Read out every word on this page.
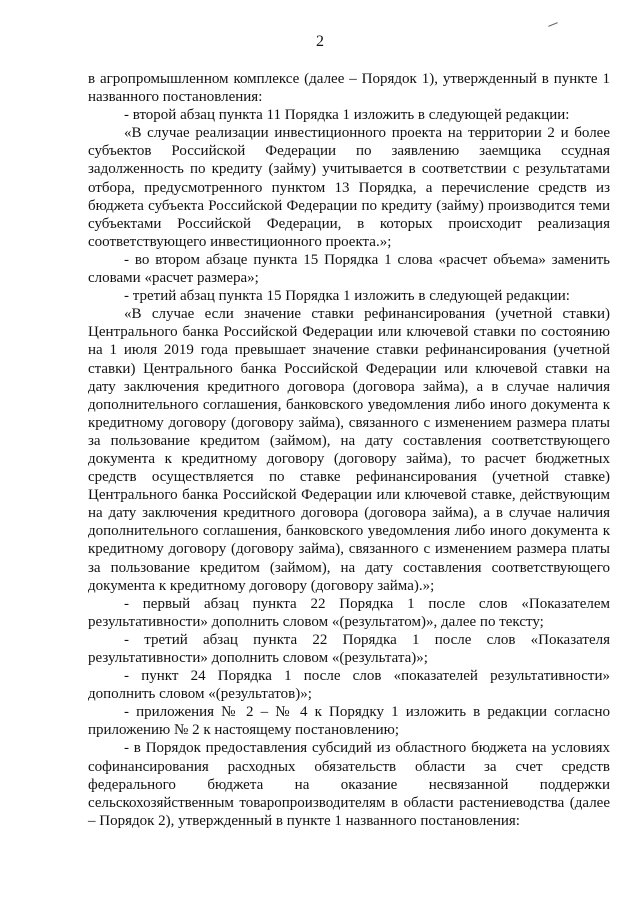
2

в агропромышленном комплексе (далее – Порядок 1), утвержденный в пункте 1 названного постановления:

- второй абзац пункта 11 Порядка 1 изложить в следующей редакции:

«В случае реализации инвестиционного проекта на территории 2 и более субъектов Российской Федерации по заявлению заемщика ссудная задолженность по кредиту (займу) учитывается в соответствии с результатами отбора, предусмотренного пунктом 13 Порядка, а перечисление средств из бюджета субъекта Российской Федерации по кредиту (займу) производится теми субъектами Российской Федерации, в которых происходит реализация соответствующего инвестиционного проекта.»;

- во втором абзаце пункта 15 Порядка 1 слова «расчет объема» заменить словами «расчет размера»;

- третий абзац пункта 15 Порядка 1 изложить в следующей редакции:

«В случае если значение ставки рефинансирования (учетной ставки) Центрального банка Российской Федерации или ключевой ставки по состоянию на 1 июля 2019 года превышает значение ставки рефинансирования (учетной ставки) Центрального банка Российской Федерации или ключевой ставки на дату заключения кредитного договора (договора займа), а в случае наличия дополнительного соглашения, банковского уведомления либо иного документа к кредитному договору (договору займа), связанного с изменением размера платы за пользование кредитом (займом), на дату составления соответствующего документа к кредитному договору (договору займа), то расчет бюджетных средств осуществляется по ставке рефинансирования (учетной ставке) Центрального банка Российской Федерации или ключевой ставке, действующим на дату заключения кредитного договора (договора займа), а в случае наличия дополнительного соглашения, банковского уведомления либо иного документа к кредитному договору (договору займа), связанного с изменением размера платы за пользование кредитом (займом), на дату составления соответствующего документа к кредитному договору (договору займа).»;

- первый абзац пункта 22 Порядка 1 после слов «Показателем результативности» дополнить словом «(результатом)», далее по тексту;

- третий абзац пункта 22 Порядка 1 после слов «Показателя результативности» дополнить словом «(результата)»;

- пункт 24 Порядка 1 после слов «показателей результативности» дополнить словом «(результатов)»;

- приложения № 2 – № 4 к Порядку 1 изложить в редакции согласно приложению № 2 к настоящему постановлению;

- в Порядок предоставления субсидий из областного бюджета на условиях софинансирования расходных обязательств области за счет средств федерального бюджета на оказание несвязанной поддержки сельскохозяйственным товаропроизводителям в области растениеводства (далее – Порядок 2), утвержденный в пункте 1 названного постановления:
